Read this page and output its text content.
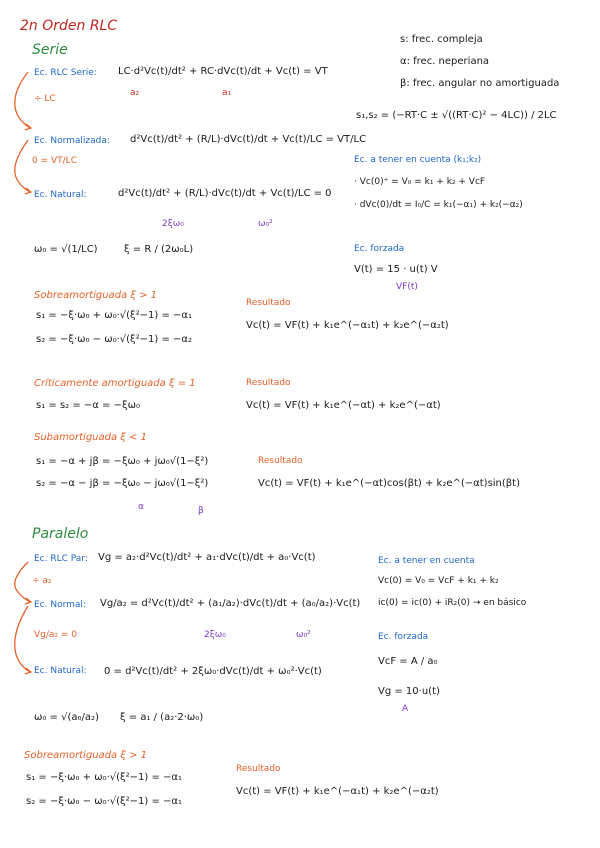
2n Orden RLC
s: frec. compleja
α: frec. neperiana
β: frec. angular no amortiguada
Serie
Ec. RLC Serie: LC·d²Vc(t)/dt² + RC·dVc(t)/dt + Vc(t) = VT
a₂	a₁
÷ LC
Ec. Normalizada: d²Vc(t)/dt² + (R/L)·dVc(t)/dt + Vc(t)/LC = VT/LC
0 = VT/LC
Ec. Natural:	d²Vc(t)/dt² + (R/L)·dVc(t)/dt + Vc(t)/LC = 0
2ξω₀	ω₀²
ω₀ = √(1/LC)	ξ = R / (2ω₀L)
s₁,s₂ = (−RT·C ± √((RT·C)² − 4LC)) / 2LC
Ec. a tener en cuenta (k₁;k₂)
· Vc(0)⁺ = V₀ = k₁ + k₂ + VcF
· dVc(0)/dt = I₀/C = k₁(−α₁) + k₂(−α₂)
Ec. forzada
V(t) = 15 · u(t) V
VF(t)
Sobreamortiguada ξ > 1
s₁ = −ξ·ω₀ + ω₀·√(ξ²−1) = −α₁
s₂ = −ξ·ω₀ − ω₀·√(ξ²−1) = −α₂
Resultado
Vc(t) = VF(t) + k₁e^(−α₁t) + k₂e^(−α₂t)
Críticamente amortiguada ξ = 1
s₁ = s₂ = −α = −ξω₀
Resultado
Vc(t) = VF(t) + k₁e^(−αt) + k₂e^(−αt)
Subamortiguada ξ < 1
s₁ = −α + jβ = −ξω₀ + jω₀√(1−ξ²)
s₂ = −α − jβ = −ξω₀ − jω₀√(1−ξ²)
α	β
Resultado
Vc(t) = VF(t) + k₁e^(−αt)cos(βt) + k₂e^(−αt)sin(βt)
Paralelo
Ec. RLC Par: Vg = a₂·d²Vc(t)/dt² + a₁·dVc(t)/dt + a₀·Vc(t)
÷ a₂
Ec. Normal: Vg/a₂ = d²Vc(t)/dt² + (a₁/a₂)·dVc(t)/dt + (a₀/a₂)·Vc(t)
2ξω₀	ω₀²
Vg/a₂ = 0
Ec. Natural: 0 = d²Vc(t)/dt² + 2ξω₀·dVc(t)/dt + ω₀²·Vc(t)
ω₀ = √(a₀/a₂) ξ = a₁ / (a₂·2·ω₀)
Ec. a tener en cuenta
Vc(0) = V₀ = VcF + k₁ + k₂
ic(0) = ic(0) + iR₂(0) → en básico
Ec. forzada
VcF = A / a₀
Vg = 10·u(t)
A
Sobreamortiguada ξ > 1
s₁ = −ξ·ω₀ + ω₀·√(ξ²−1) = −α₁
s₂ = −ξ·ω₀ − ω₀·√(ξ²−1) = −α₁
Resultado
Vc(t) = VF(t) + k₁e^(−α₁t) + k₂e^(−α₂t)
